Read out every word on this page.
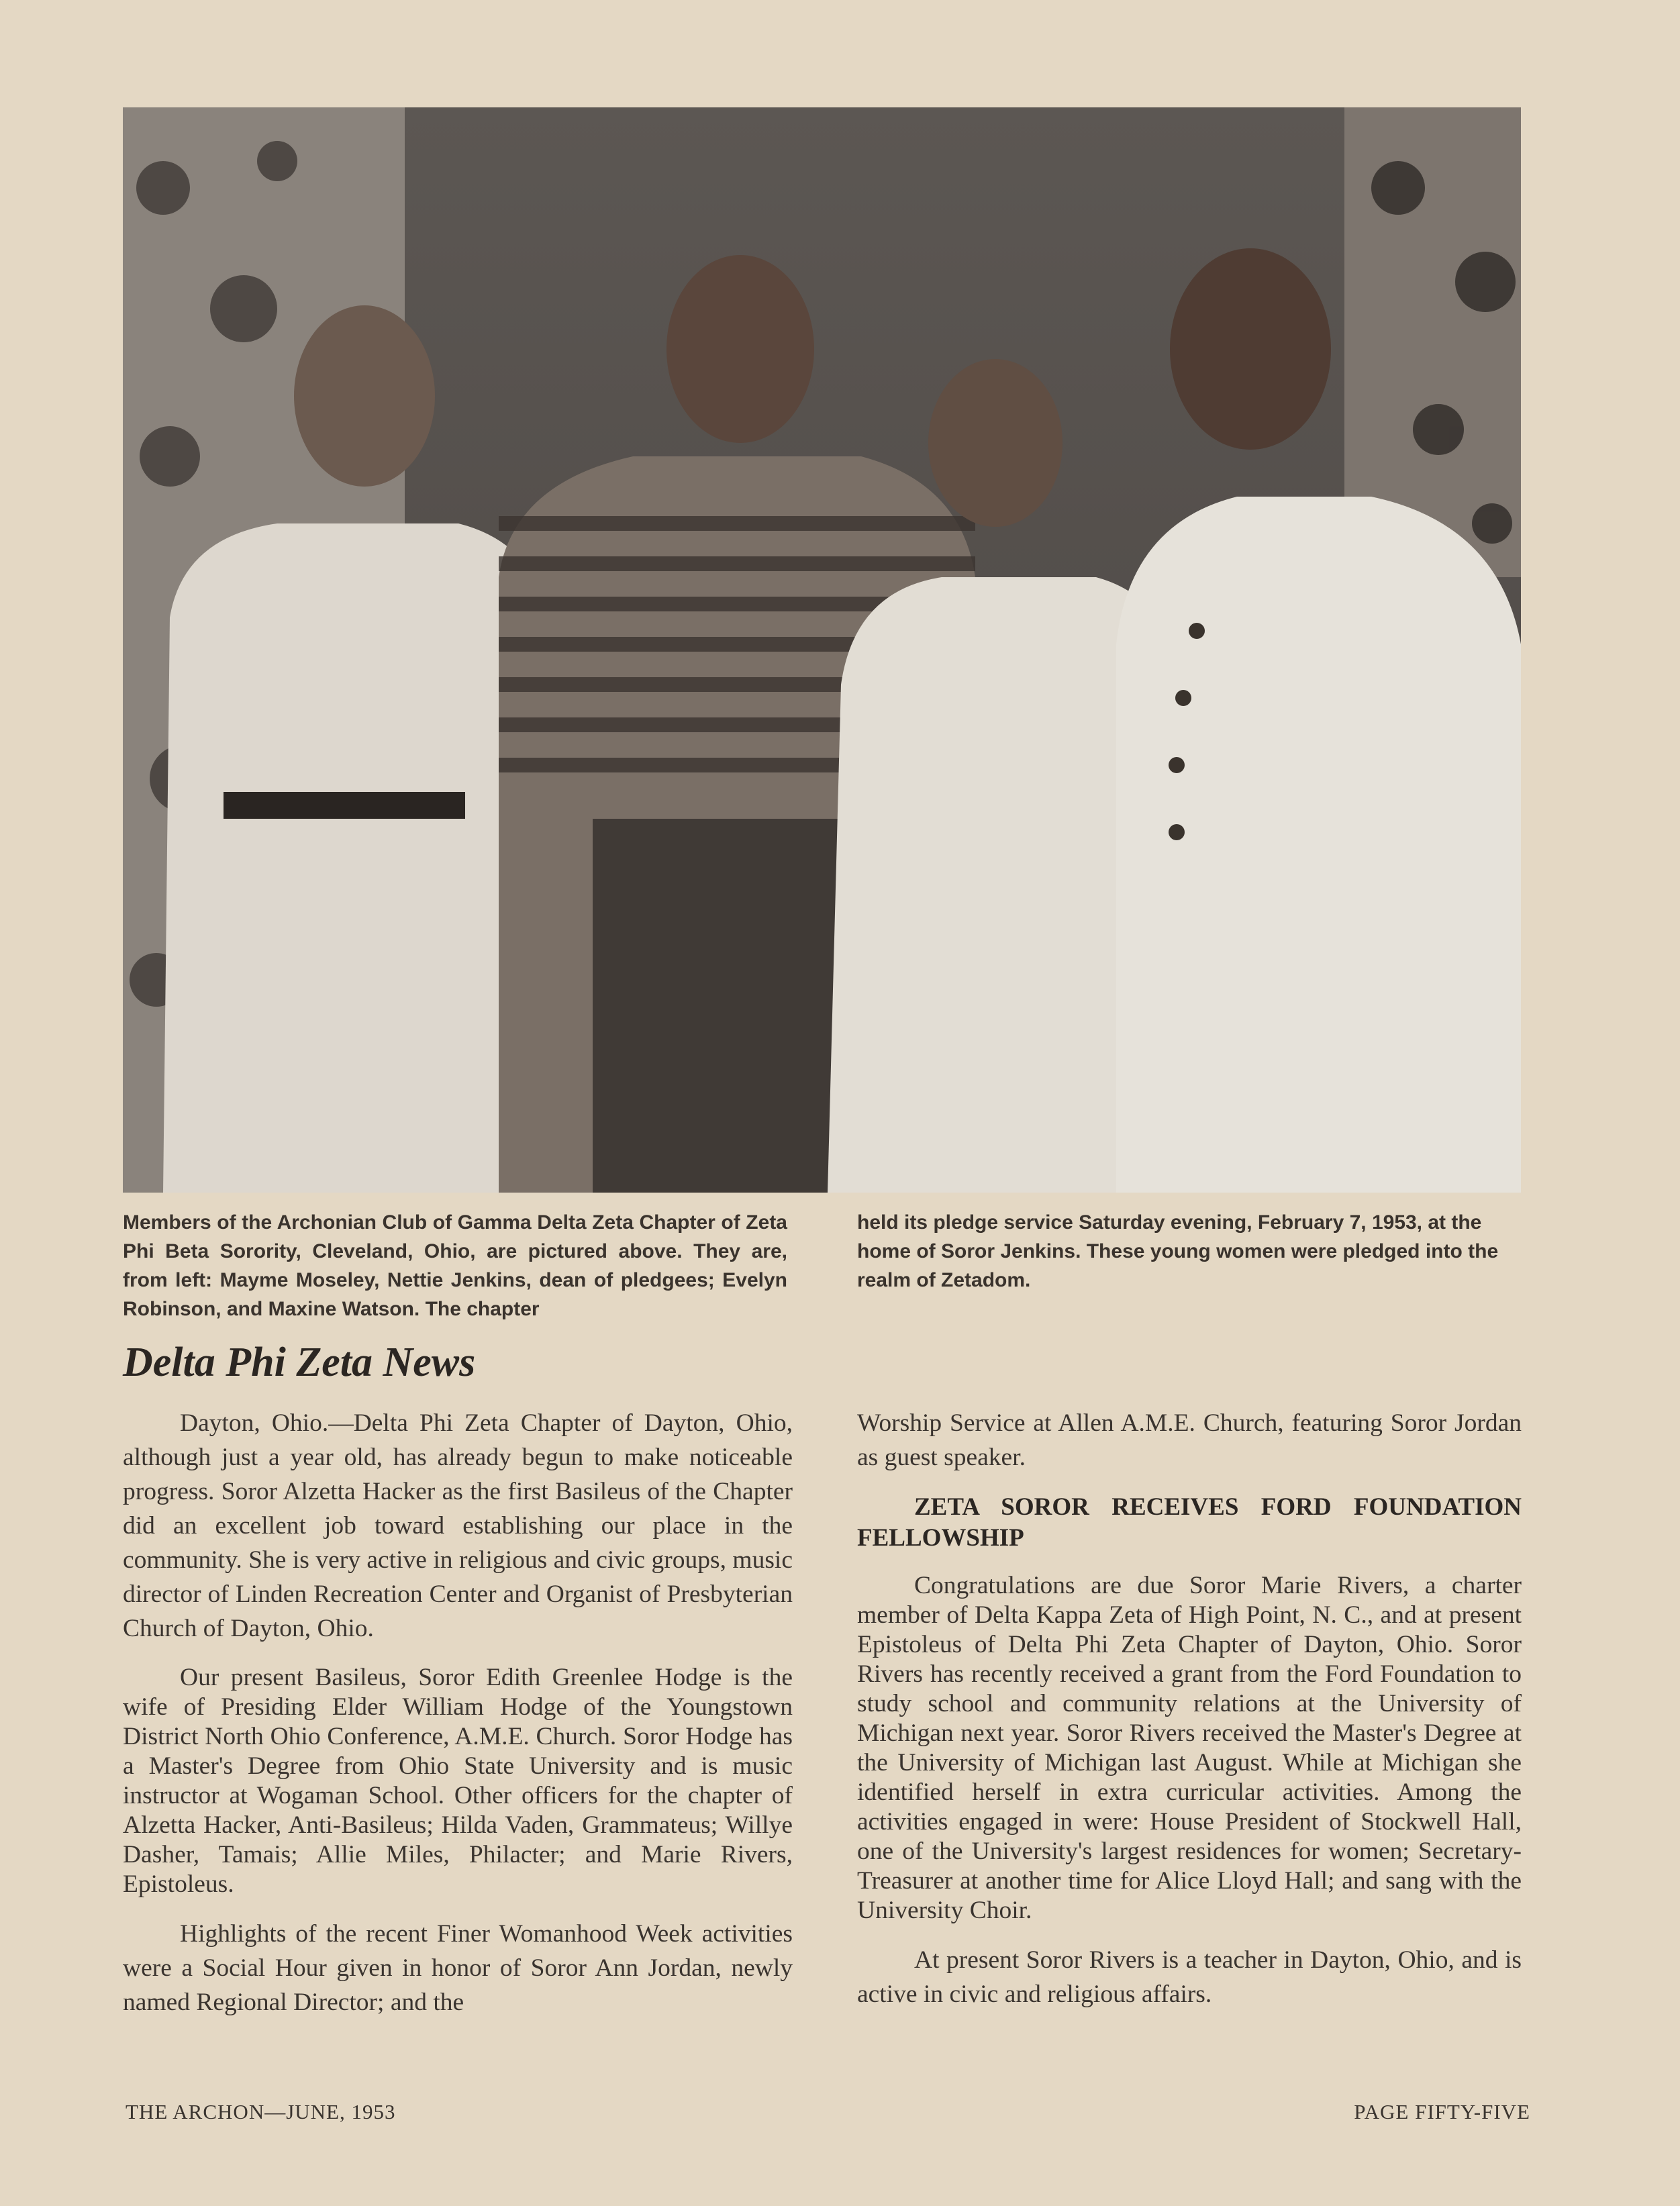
Members of the Archonian Club of Gamma Delta Zeta Chapter of Zeta Phi Beta Sorority, Cleveland, Ohio, are pictured above. They are, from left: Mayme Moseley, Nettie Jenkins, dean of pledgees; Evelyn Robinson, and Maxine Watson. The chapter

held its pledge service Saturday evening, February 7, 1953, at the home of Soror Jenkins. These young women were pledged into the realm of Zetadom.

Delta Phi Zeta News

Dayton, Ohio.—Delta Phi Zeta Chapter of Dayton, Ohio, although just a year old, has already begun to make noticeable progress. Soror Alzetta Hacker as the first Basileus of the Chapter did an excellent job toward establishing our place in the community. She is very active in religious and civic groups, music director of Linden Recreation Center and Organist of Presbyterian Church of Dayton, Ohio.

Our present Basileus, Soror Edith Greenlee Hodge is the wife of Presiding Elder William Hodge of the Youngstown District North Ohio Conference, A.M.E. Church. Soror Hodge has a Master's Degree from Ohio State University and is music instructor at Wogaman School. Other officers for the chapter of Alzetta Hacker, Anti-Basileus; Hilda Vaden, Grammateus; Willye Dasher, Tamais; Allie Miles, Philacter; and Marie Rivers, Epistoleus.

Highlights of the recent Finer Womanhood Week activities were a Social Hour given in honor of Soror Ann Jordan, newly named Regional Director; and the

Worship Service at Allen A.M.E. Church, featuring Soror Jordan as guest speaker.

ZETA SOROR RECEIVES FORD FOUNDATION FELLOWSHIP

Congratulations are due Soror Marie Rivers, a charter member of Delta Kappa Zeta of High Point, N. C., and at present Epistoleus of Delta Phi Zeta Chapter of Dayton, Ohio. Soror Rivers has recently received a grant from the Ford Foundation to study school and community relations at the University of Michigan next year. Soror Rivers received the Master's Degree at the University of Michigan last August. While at Michigan she identified herself in extra curricular activities. Among the activities engaged in were: House President of Stockwell Hall, one of the University's largest residences for women; Secretary-Treasurer at another time for Alice Lloyd Hall; and sang with the University Choir.

At present Soror Rivers is a teacher in Dayton, Ohio, and is active in civic and religious affairs.

THE ARCHON—JUNE, 1953	PAGE FIFTY-FIVE
